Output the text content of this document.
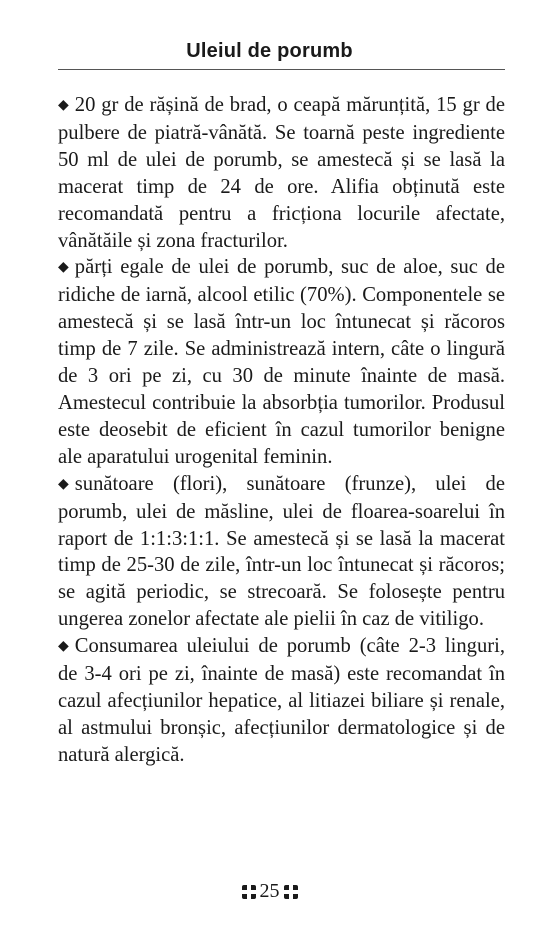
Uleiul de porumb

◆ 20 gr de rășină de brad, o ceapă mărunțită, 15 gr de pulbere de piatră-vânătă. Se toarnă peste ingrediente 50 ml de ulei de porumb, se amestecă și se lasă la macerat timp de 24 de ore. Alifia obținută este recomandată pentru a fricționa locurile afectate, vânătăile și zona fracturilor.

◆ părți egale de ulei de porumb, suc de aloe, suc de ridiche de iarnă, alcool etilic (70%). Componentele se amestecă și se lasă într-un loc întunecat și răcoros timp de 7 zile. Se administrează intern, câte o lingură de 3 ori pe zi, cu 30 de minute înainte de masă. Amestecul contribuie la absorbția tumorilor. Produsul este deosebit de eficient în cazul tumorilor benigne ale aparatului urogenital feminin.

◆ sunătoare (flori), sunătoare (frunze), ulei de porumb, ulei de măsline, ulei de floarea-soarelui în raport de 1:1:3:1:1. Se amestecă și se lasă la macerat timp de 25-30 de zile, într-un loc întunecat și răcoros; se agită periodic, se strecoară. Se folosește pentru ungerea zonelor afectate ale pielii în caz de vitiligo.

◆ Consumarea uleiului de porumb (câte 2-3 linguri, de 3-4 ori pe zi, înainte de masă) este recomandat în cazul afecțiunilor hepatice, al litiazei biliare și renale, al astmului bronșic, afecțiunilor dermatologice și de natură alergică.

25
